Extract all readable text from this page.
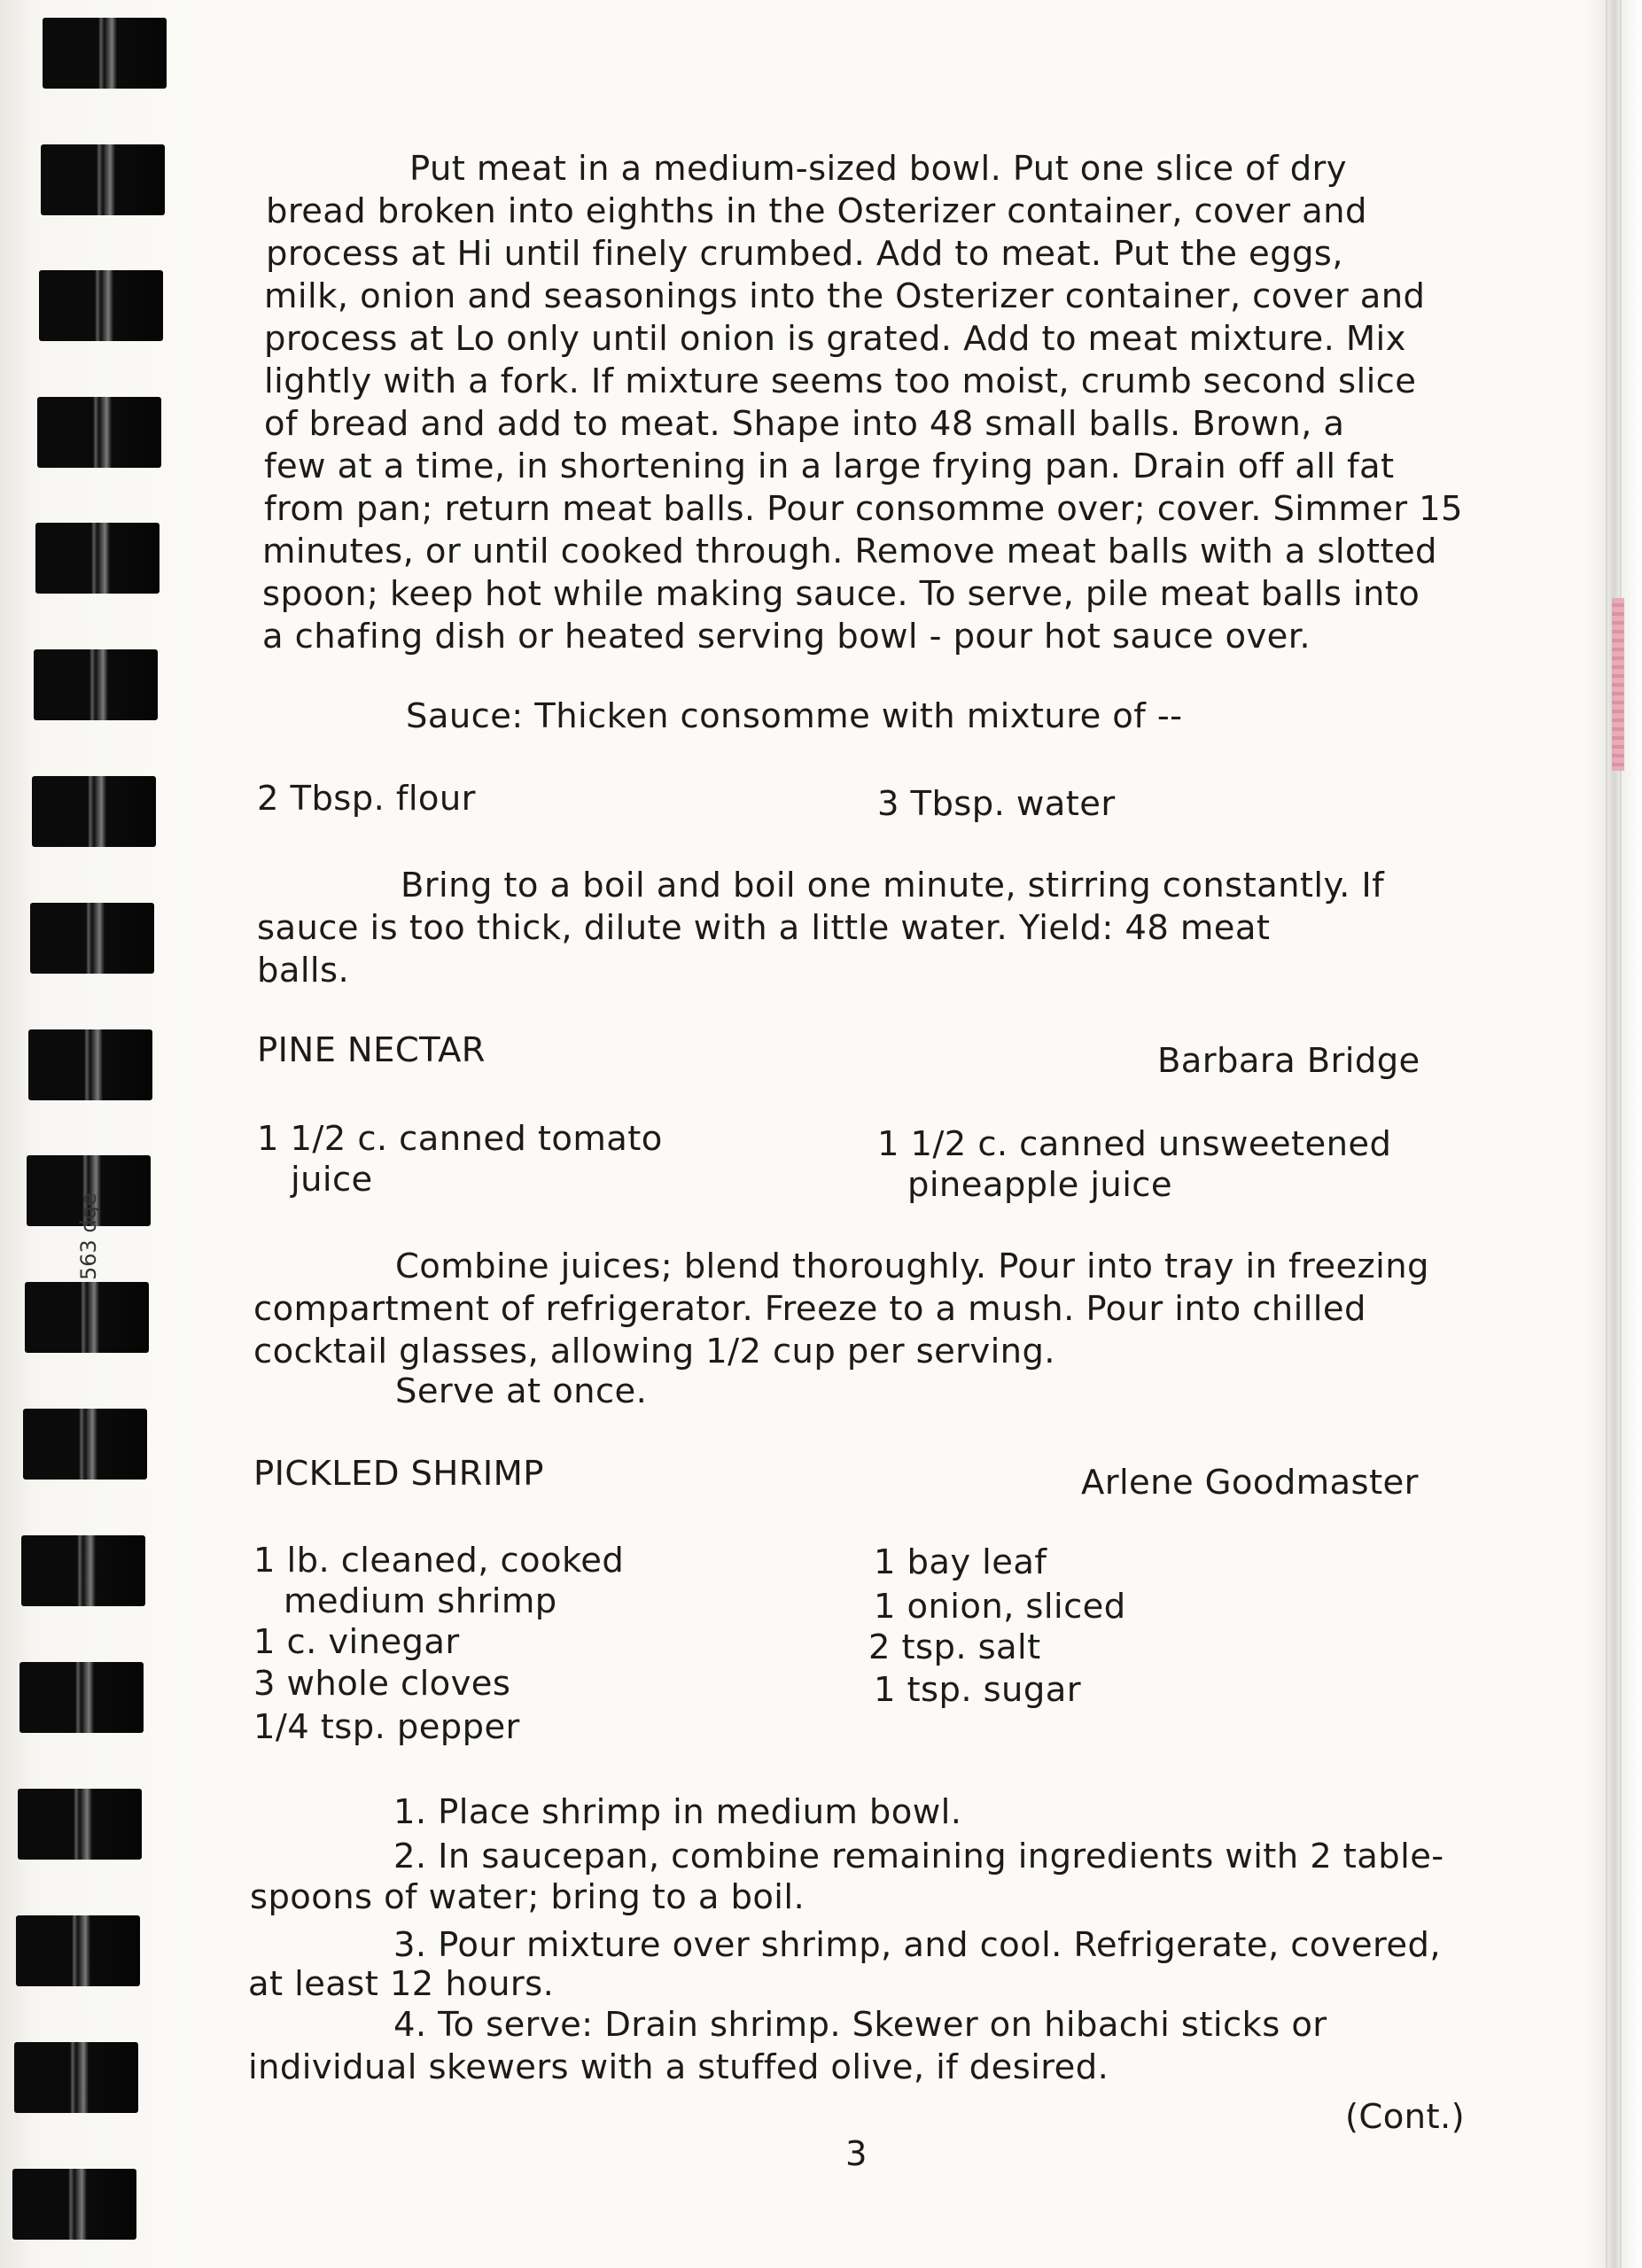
563 dge

Put meat in a medium-sized bowl. Put one slice of dry

bread broken into eighths in the Osterizer container, cover and

process at Hi until finely crumbed. Add to meat. Put the eggs,

milk, onion and seasonings into the Osterizer container, cover and

process at Lo only until onion is grated. Add to meat mixture. Mix

lightly with a fork. If mixture seems too moist, crumb second slice

of bread and add to meat. Shape into 48 small balls. Brown, a

few at a time, in shortening in a large frying pan. Drain off all fat

from pan; return meat balls. Pour consomme over; cover. Simmer 15

minutes, or until cooked through. Remove meat balls with a slotted

spoon; keep hot while making sauce. To serve, pile meat balls into

a chafing dish or heated serving bowl - pour hot sauce over.

Sauce: Thicken consomme with mixture of --

2 Tbsp. flour	3 Tbsp. water

Bring to a boil and boil one minute, stirring constantly. If

sauce is too thick, dilute with a little water. Yield: 48 meat

balls.

PINE NECTAR	Barbara Bridge

1 1/2 c. canned tomato

juice

1 1/2 c. canned unsweetened

pineapple juice

Combine juices; blend thoroughly. Pour into tray in freezing

compartment of refrigerator. Freeze to a mush. Pour into chilled

cocktail glasses, allowing 1/2 cup per serving.

Serve at once.

PICKLED SHRIMP	Arlene Goodmaster

1 lb. cleaned, cooked

medium shrimp

1 c. vinegar

3 whole cloves

1/4 tsp. pepper

1 bay leaf

1 onion, sliced

2 tsp. salt

1 tsp. sugar

1. Place shrimp in medium bowl.

2. In saucepan, combine remaining ingredients with 2 table-

spoons of water; bring to a boil.

3. Pour mixture over shrimp, and cool. Refrigerate, covered,

at least 12 hours.

4. To serve: Drain shrimp. Skewer on hibachi sticks or

individual skewers with a stuffed olive, if desired.

(Cont.)

3
